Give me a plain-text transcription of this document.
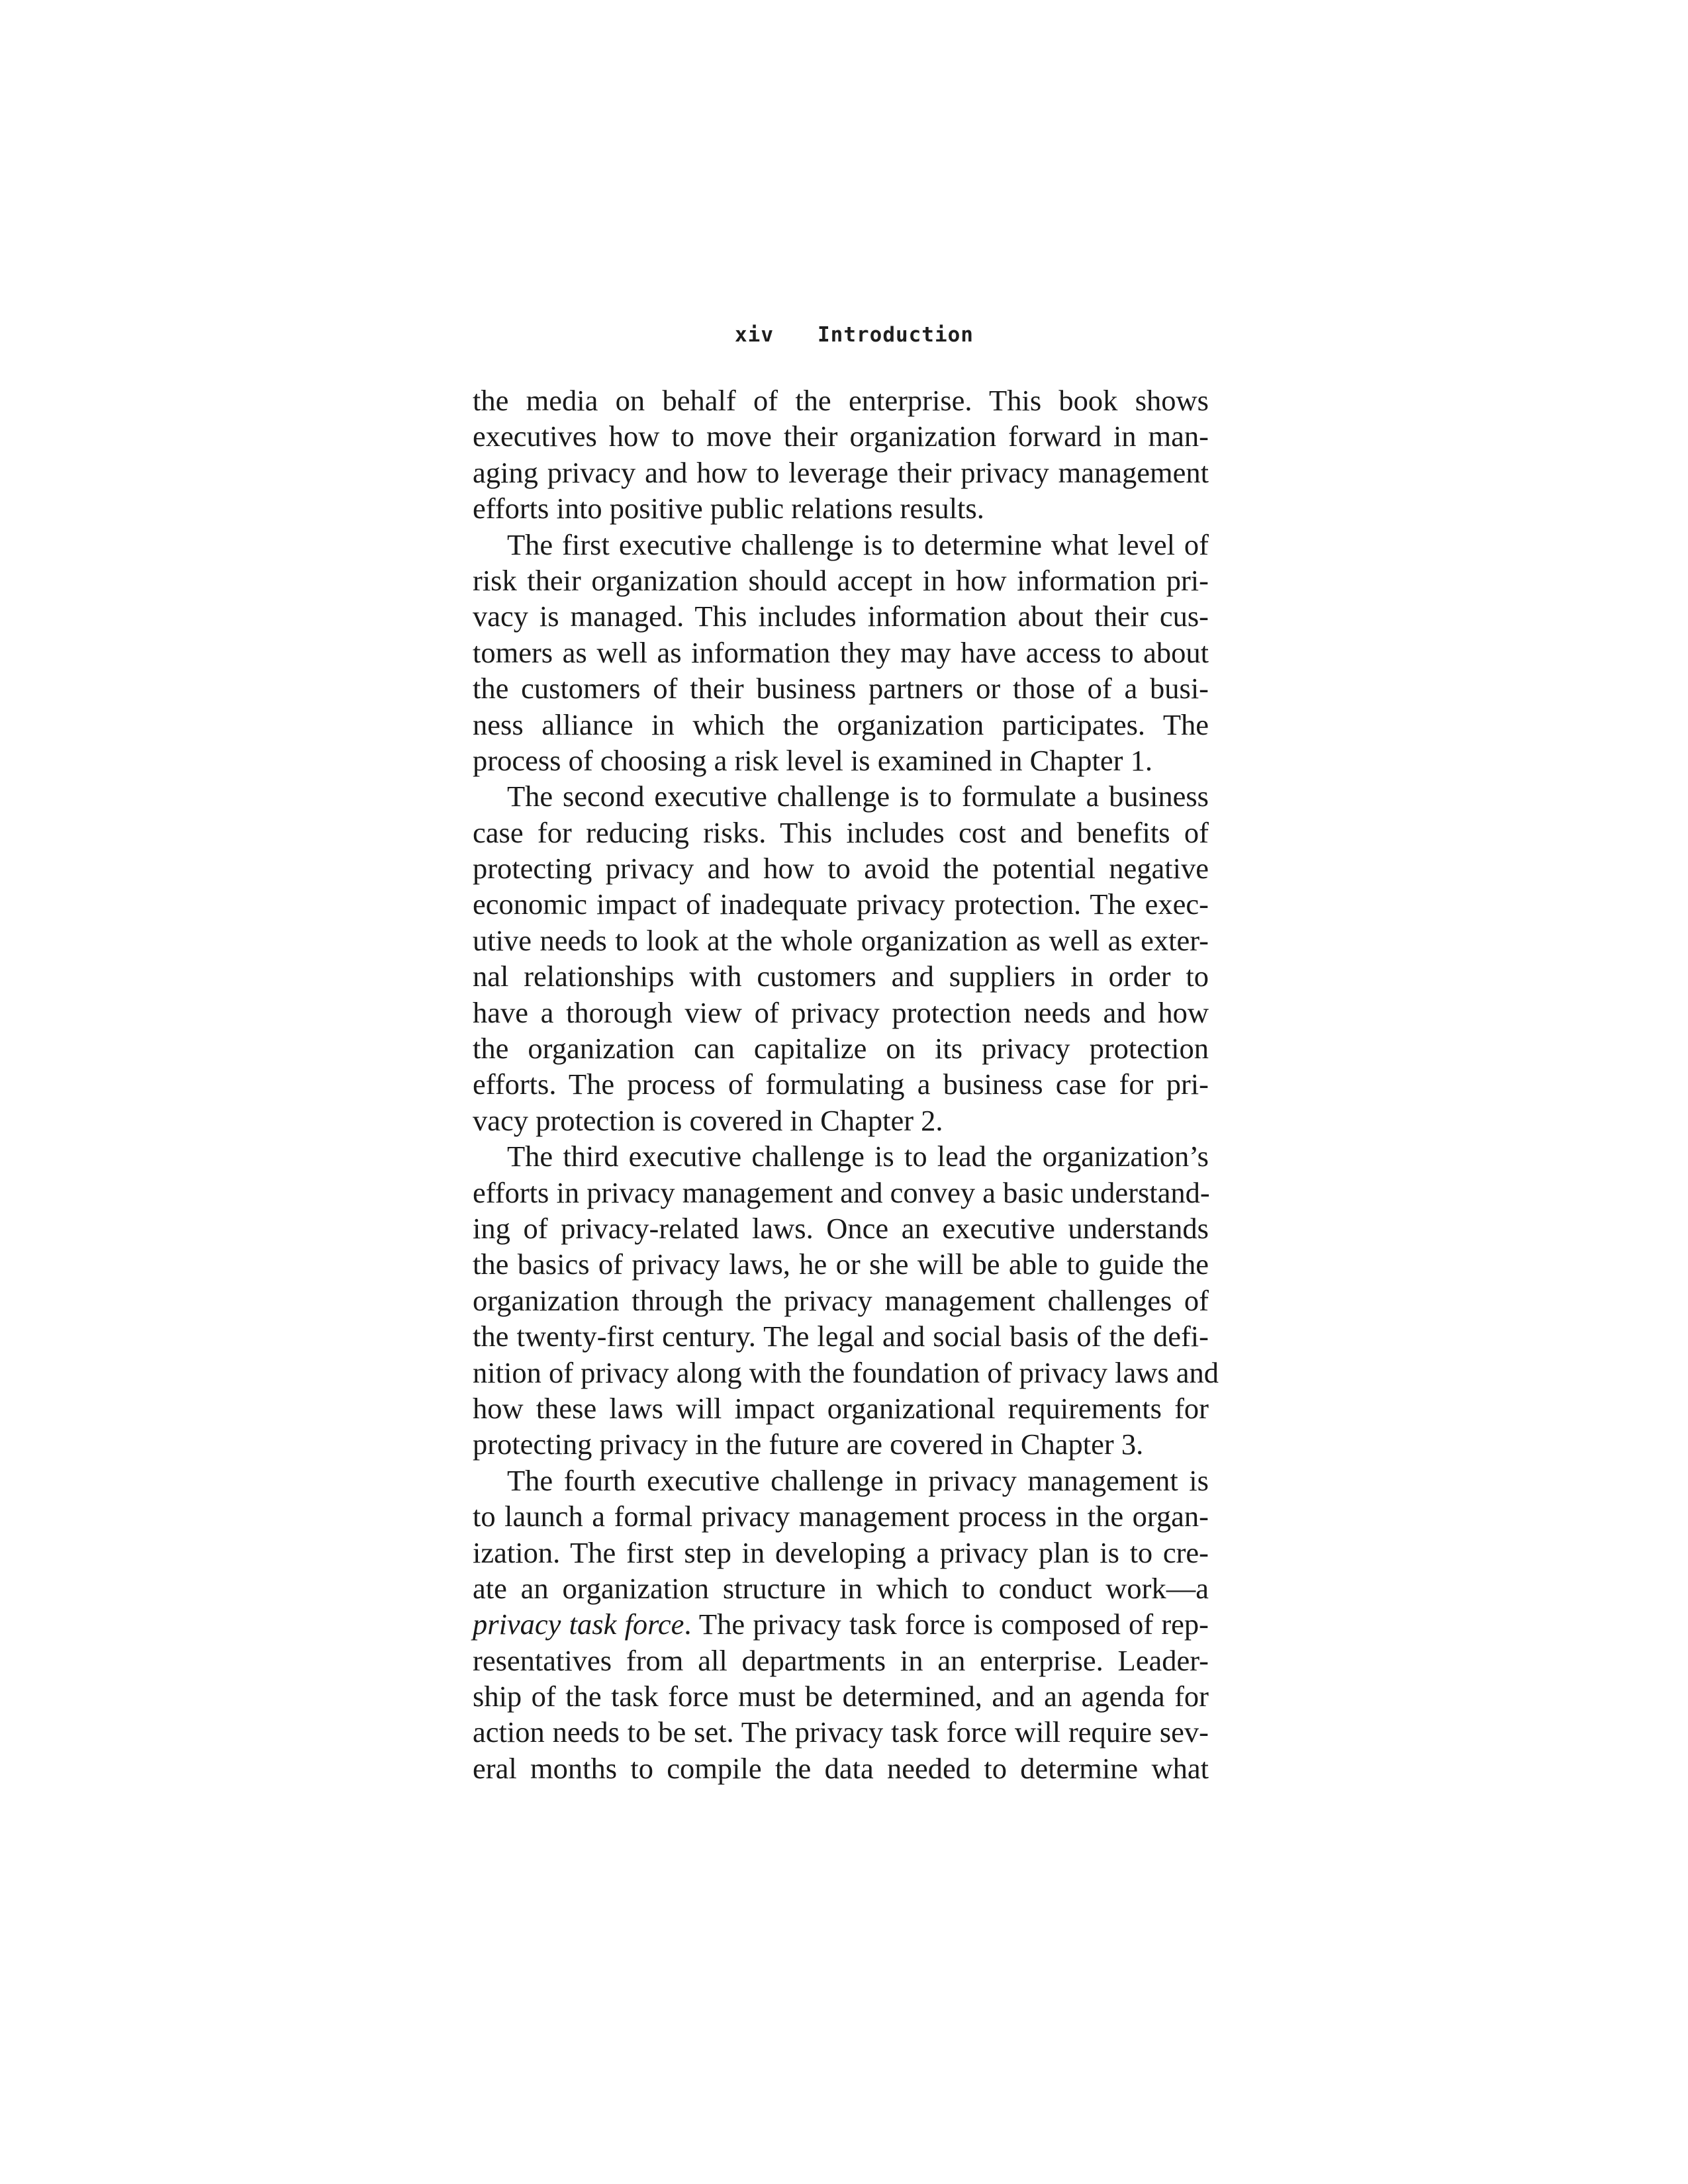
xiv	Introduction

the media on behalf of the enterprise. This book shows
executives how to move their organization forward in man-
aging privacy and how to leverage their privacy management
efforts into positive public relations results.

The first executive challenge is to determine what level of
risk their organization should accept in how information pri-
vacy is managed. This includes information about their cus-
tomers as well as information they may have access to about
the customers of their business partners or those of a busi-
ness alliance in which the organization participates. The
process of choosing a risk level is examined in Chapter 1.

The second executive challenge is to formulate a business
case for reducing risks. This includes cost and benefits of
protecting privacy and how to avoid the potential negative
economic impact of inadequate privacy protection. The exec-
utive needs to look at the whole organization as well as exter-
nal relationships with customers and suppliers in order to
have a thorough view of privacy protection needs and how
the organization can capitalize on its privacy protection
efforts. The process of formulating a business case for pri-
vacy protection is covered in Chapter 2.

The third executive challenge is to lead the organization’s
efforts in privacy management and convey a basic understand-
ing of privacy-related laws. Once an executive understands
the basics of privacy laws, he or she will be able to guide the
organization through the privacy management challenges of
the twenty-first century. The legal and social basis of the defi-
nition of privacy along with the foundation of privacy laws and
how these laws will impact organizational requirements for
protecting privacy in the future are covered in Chapter 3.

The fourth executive challenge in privacy management is
to launch a formal privacy management process in the organ-
ization. The first step in developing a privacy plan is to cre-
ate an organization structure in which to conduct work—a
privacy task force. The privacy task force is composed of rep-
resentatives from all departments in an enterprise. Leader-
ship of the task force must be determined, and an agenda for
action needs to be set. The privacy task force will require sev-
eral months to compile the data needed to determine what
